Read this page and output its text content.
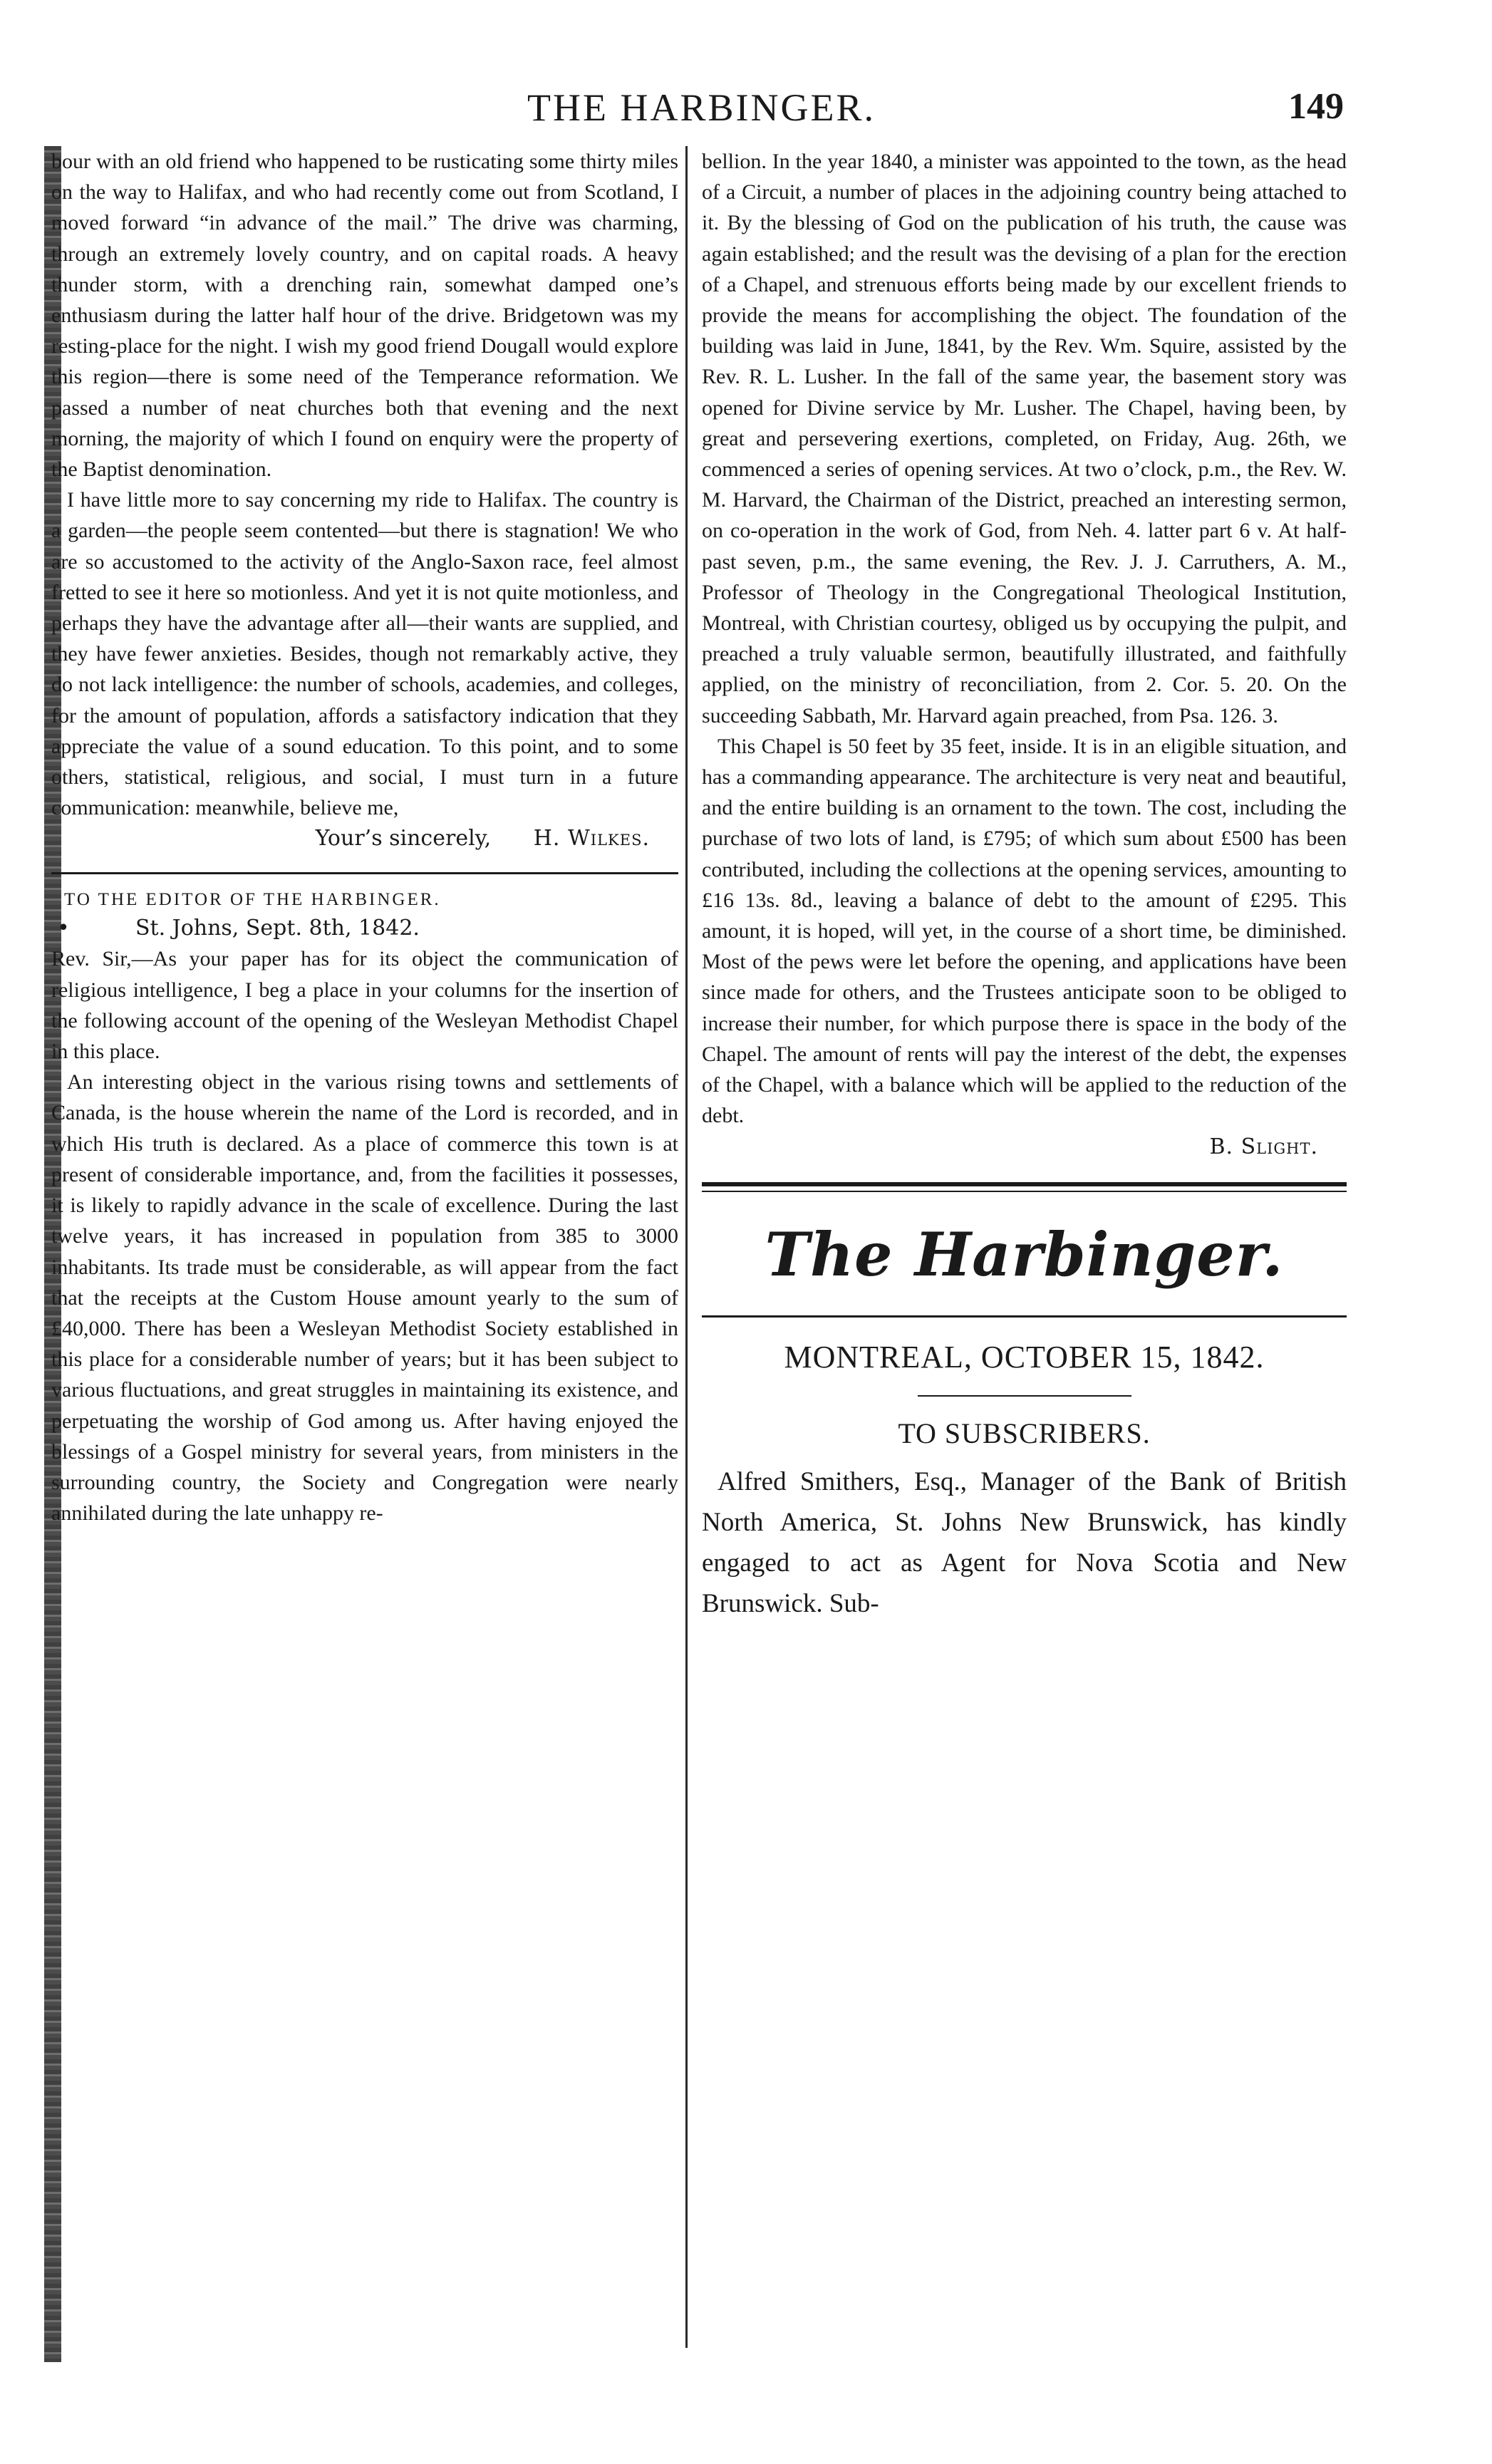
THE HARBINGER.	149

bour with an old friend who happened to be rusticating some thirty miles on the way to Halifax, and who had recently come out from Scotland, I moved forward “in advance of the mail.” The drive was charming, through an extremely lovely country, and on capital roads. A heavy thunder storm, with a drenching rain, somewhat damped one’s enthusiasm during the latter half hour of the drive. Bridgetown was my resting-place for the night. I wish my good friend Dougall would explore this region—there is some need of the Temperance reformation. We passed a number of neat churches both that evening and the next morning, the majority of which I found on enquiry were the property of the Baptist denomination.

I have little more to say concerning my ride to Halifax. The country is a garden—the people seem contented—but there is stagnation! We who are so accustomed to the activity of the Anglo-Saxon race, feel almost fretted to see it here so motionless. And yet it is not quite motionless, and perhaps they have the advantage after all—their wants are supplied, and they have fewer anxieties. Besides, though not remarkably active, they do not lack intelligence: the number of schools, academies, and colleges, for the amount of population, affords a satisfactory indication that they appreciate the value of a sound education. To this point, and to some others, statistical, religious, and social, I must turn in a future communication: meanwhile, believe me,

Your’s sincerely, H. Wilkes.
TO THE EDITOR OF THE HARBINGER.
•	St. Johns, Sept. 8th, 1842.

Rev. Sir,—As your paper has for its object the communication of religious intelligence, I beg a place in your columns for the insertion of the following account of the opening of the Wesleyan Methodist Chapel in this place.

An interesting object in the various rising towns and settlements of Canada, is the house wherein the name of the Lord is recorded, and in which His truth is declared. As a place of commerce this town is at present of considerable importance, and, from the facilities it possesses, it is likely to rapidly advance in the scale of excellence. During the last twelve years, it has increased in population from 385 to 3000 inhabitants. Its trade must be considerable, as will appear from the fact that the receipts at the Custom House amount yearly to the sum of £40,000. There has been a Wesleyan Methodist Society established in this place for a considerable number of years; but it has been subject to various fluctuations, and great struggles in maintaining its existence, and perpetuating the worship of God among us. After having enjoyed the blessings of a Gospel ministry for several years, from ministers in the surrounding country, the Society and Congregation were nearly annihilated during the late unhappy re-

bellion. In the year 1840, a minister was appointed to the town, as the head of a Circuit, a number of places in the adjoining country being attached to it. By the blessing of God on the publication of his truth, the cause was again established; and the result was the devising of a plan for the erection of a Chapel, and strenuous efforts being made by our excellent friends to provide the means for accomplishing the object. The foundation of the building was laid in June, 1841, by the Rev. Wm. Squire, assisted by the Rev. R. L. Lusher. In the fall of the same year, the basement story was opened for Divine service by Mr. Lusher. The Chapel, having been, by great and persevering exertions, completed, on Friday, Aug. 26th, we commenced a series of opening services. At two o’clock, p.m., the Rev. W. M. Harvard, the Chairman of the District, preached an interesting sermon, on co-operation in the work of God, from Neh. 4. latter part 6 v. At half-past seven, p.m., the same evening, the Rev. J. J. Carruthers, A. M., Professor of Theology in the Congregational Theological Institution, Montreal, with Christian courtesy, obliged us by occupying the pulpit, and preached a truly valuable sermon, beautifully illustrated, and faithfully applied, on the ministry of reconciliation, from 2. Cor. 5. 20. On the succeeding Sabbath, Mr. Harvard again preached, from Psa. 126. 3.

This Chapel is 50 feet by 35 feet, inside. It is in an eligible situation, and has a commanding appearance. The architecture is very neat and beautiful, and the entire building is an ornament to the town. The cost, including the purchase of two lots of land, is £795; of which sum about £500 has been contributed, including the collections at the opening services, amounting to £16 13s. 8d., leaving a balance of debt to the amount of £295. This amount, it is hoped, will yet, in the course of a short time, be diminished. Most of the pews were let before the opening, and applications have been since made for others, and the Trustees anticipate soon to be obliged to increase their number, for which purpose there is space in the body of the Chapel. The amount of rents will pay the interest of the debt, the expenses of the Chapel, with a balance which will be applied to the reduction of the debt.

B. Slight.
The Harbinger.
MONTREAL, OCTOBER 15, 1842.
TO SUBSCRIBERS.

Alfred Smithers, Esq., Manager of the Bank of British North America, St. Johns New Brunswick, has kindly engaged to act as Agent for Nova Scotia and New Brunswick. Sub-
